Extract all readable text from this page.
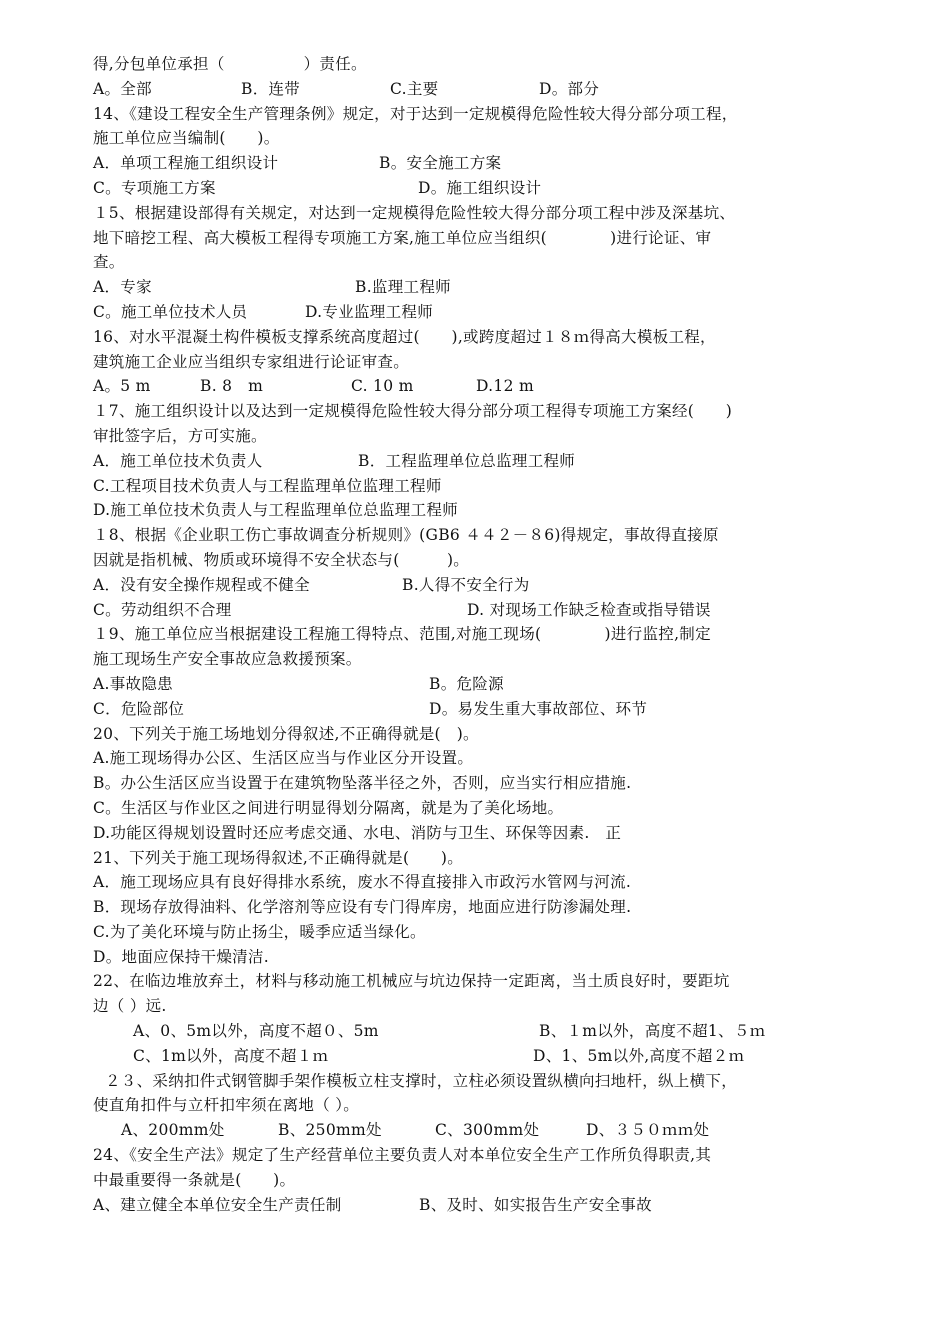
得,分包单位承担（　　　　　）责任。
A。全部	B．连带	C.主要	D。部分
14、《建设工程安全生产管理条例》规定，对于达到一定规模得危险性较大得分部分项工程，
施工单位应当编制(　　)。
A．单项工程施工组织设计	B。安全施工方案
C。专项施工方案	D。施工组织设计
１5、根据建设部得有关规定，对达到一定规模得危险性较大得分部分项工程中涉及深基坑、
地下暗挖工程、高大模板工程得专项施工方案,施工单位应当组织(　　　　)进行论证、审
查。
A．专家	B.监理工程师
C。施工单位技术人员	D.专业监理工程师
16、对水平混凝土构件模板支撑系统高度超过(　　),或跨度超过１８ｍ得高大模板工程，
建筑施工企业应当组织专家组进行论证审查。
A。5 m	B. 8　m	C. 10 m	D.12 m
１7、施工组织设计以及达到一定规模得危险性较大得分部分项工程得专项施工方案经(　　)
审批签字后，方可实施。
A．施工单位技术负责人	B．工程监理单位总监理工程师
C.工程项目技术负责人与工程监理单位监理工程师
D.施工单位技术负责人与工程监理单位总监理工程师
１8、根据《企业职工伤亡事故调查分析规则》(GB6 ４４２－８6)得规定，事故得直接原
因就是指机械、物质或环境得不安全状态与(　　　)。
A．没有安全操作规程或不健全	B.人得不安全行为
C。劳动组织不合理	D. 对现场工作缺乏检查或指导错误
１9、施工单位应当根据建设工程施工得特点、范围,对施工现场(　　　　)进行监控,制定
施工现场生产安全事故应急救援预案。
A.事故隐患	B。危险源
C．危险部位	D。易发生重大事故部位、环节
20、下列关于施工场地划分得叙述,不正确得就是(　)。
A.施工现场得办公区、生活区应当与作业区分开设置。
B。办公生活区应当设置于在建筑物坠落半径之外，否则，应当实行相应措施.
C。生活区与作业区之间进行明显得划分隔离，就是为了美化场地。
D.功能区得规划设置时还应考虑交通、水电、消防与卫生、环保等因素.　正
21、下列关于施工现场得叙述,不正确得就是(　　)。
A．施工现场应具有良好得排水系统，废水不得直接排入市政污水管网与河流.
B．现场存放得油料、化学溶剂等应设有专门得库房，地面应进行防渗漏处理.
C.为了美化环境与防止扬尘，暖季应适当绿化。
D。地面应保持干燥清洁.
22、在临边堆放弃土，材料与移动施工机械应与坑边保持一定距离，当土质良好时，要距坑
边（ ）远.
A、0、5m以外，高度不超０、5m	B、１m以外，高度不超1、５ｍ
C、1m以外，高度不超１ｍ	D、1、5m以外,高度不超２ｍ
２３、采纳扣件式钢管脚手架作模板立柱支撑时，立柱必须设置纵横向扫地杆，纵上横下，
使直角扣件与立杆扣牢须在离地（ ）。
A、200mm处	B、250mm处	C、300mm处	D、３５０ｍｍ处
24、《安全生产法》规定了生产经营单位主要负责人对本单位安全生产工作所负得职责,其
中最重要得一条就是(　　)。
A、建立健全本单位安全生产责任制	B、及时、如实报告生产安全事故
